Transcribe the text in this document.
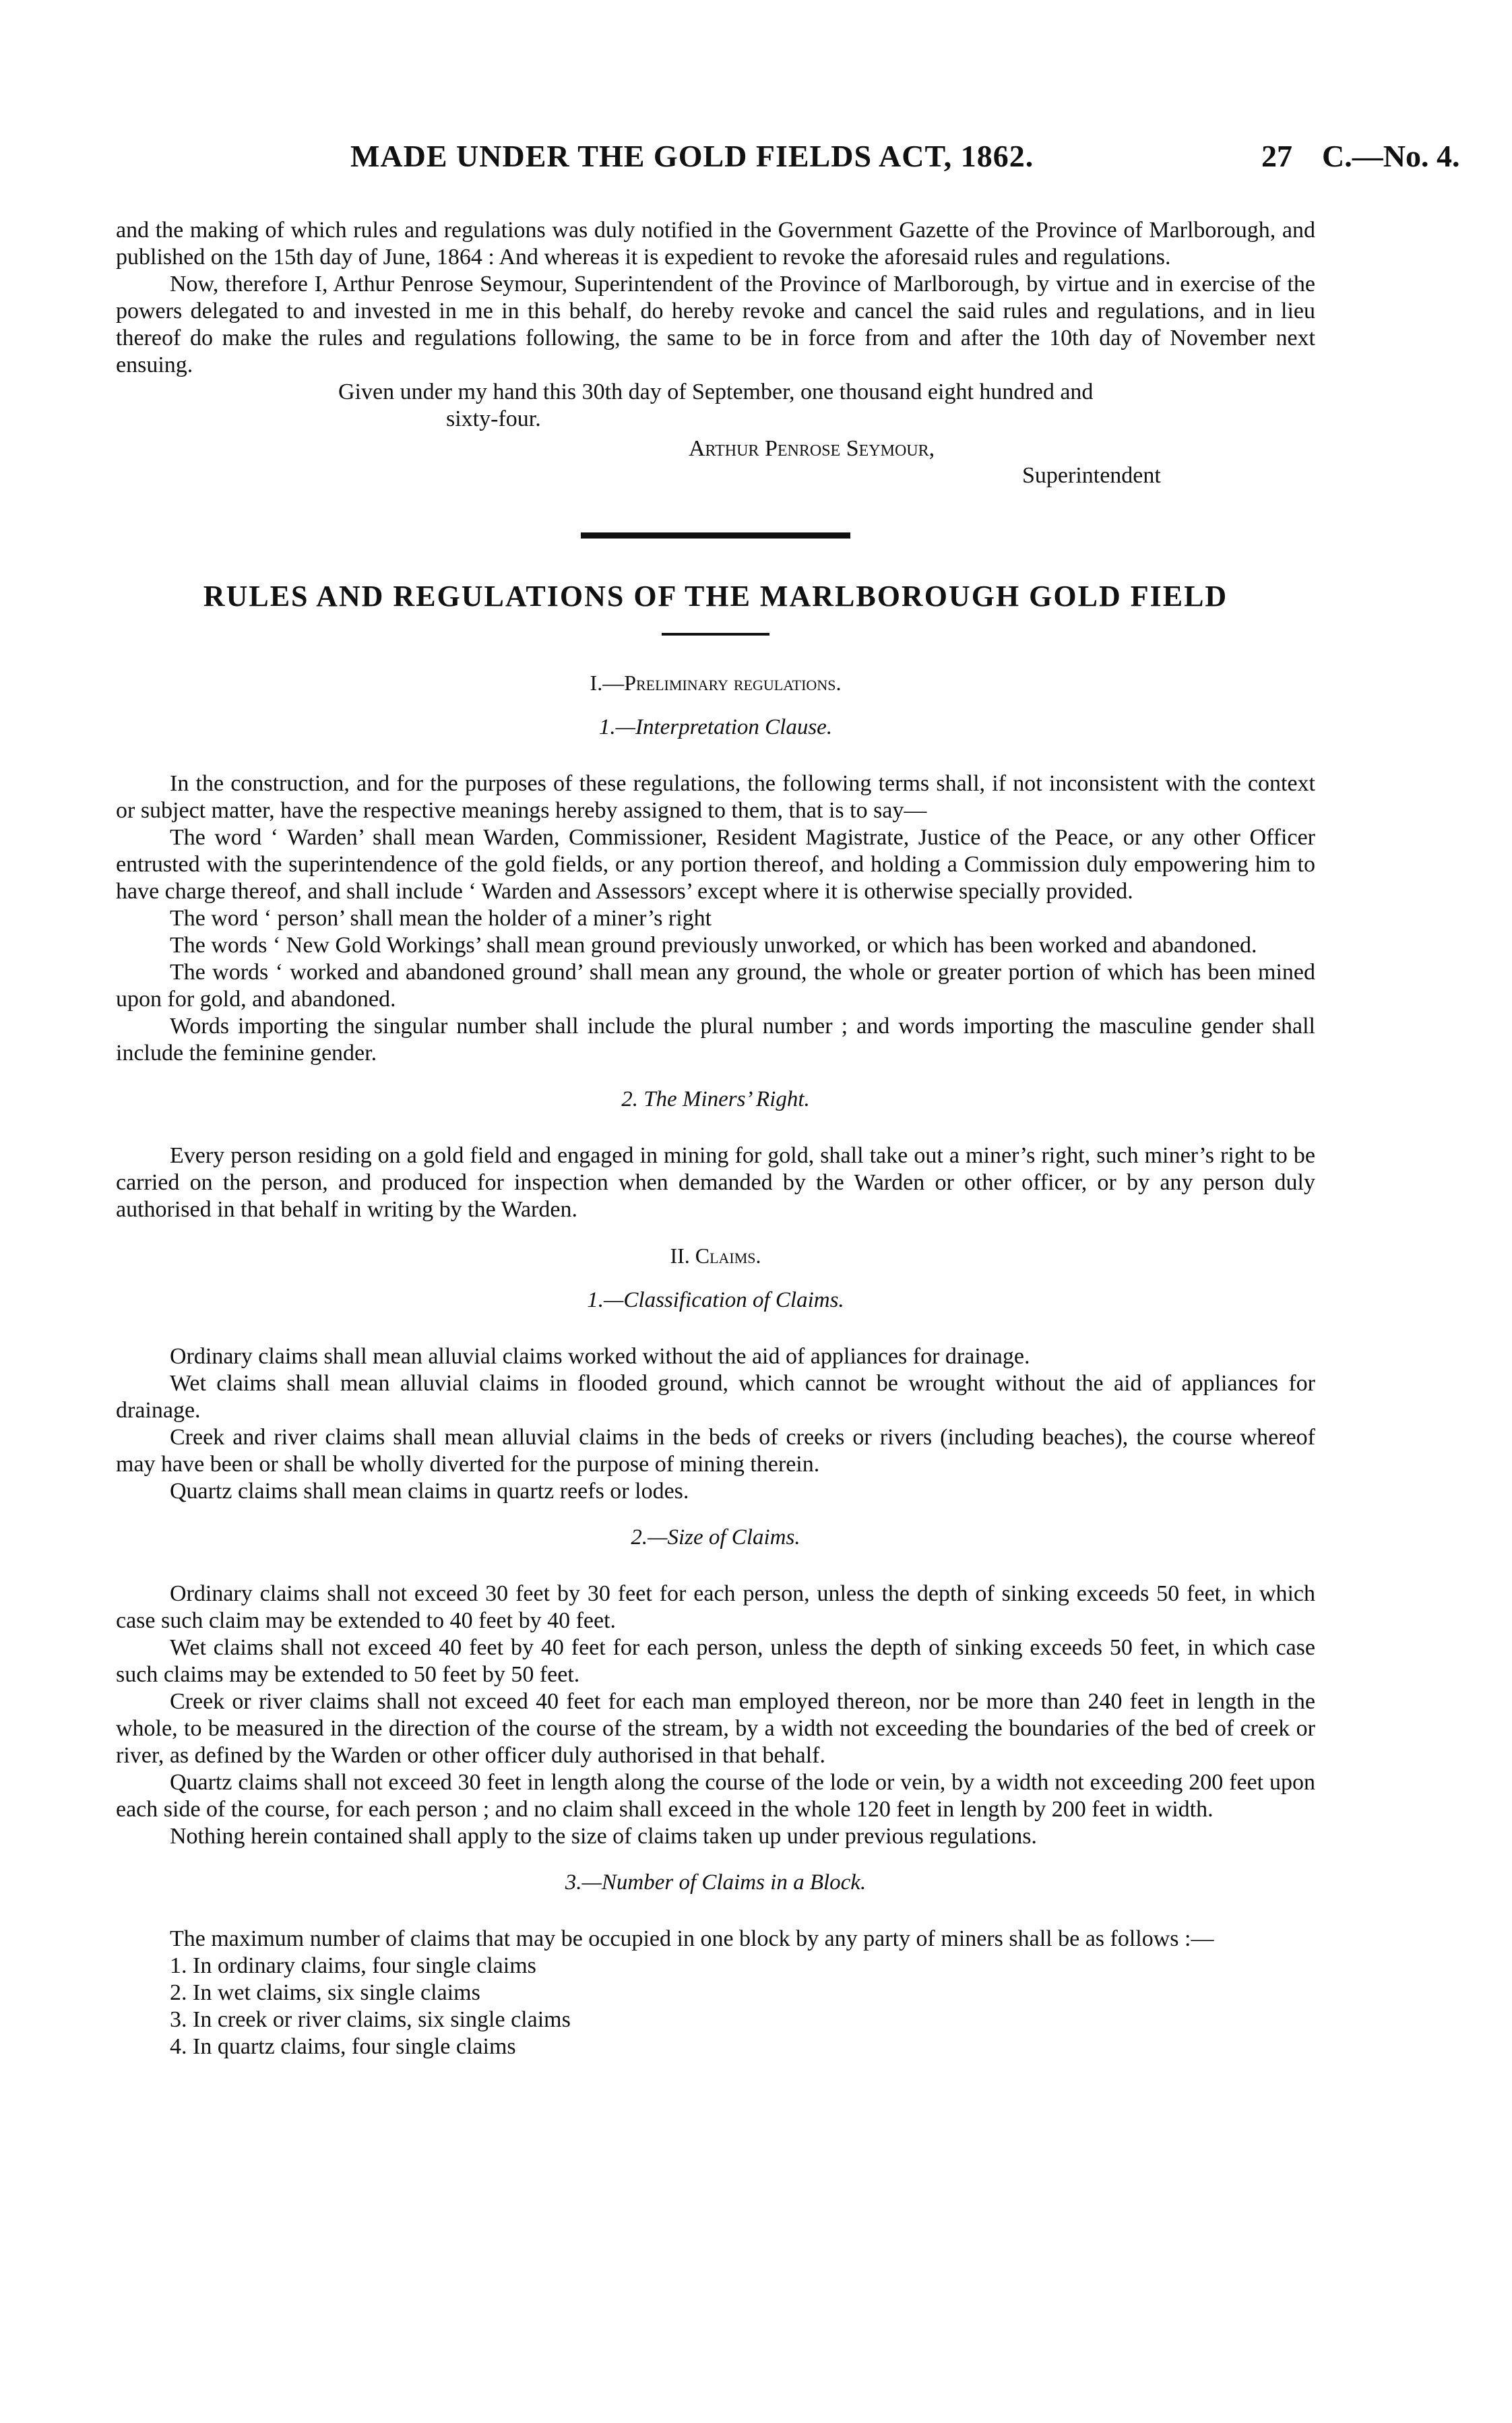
MADE UNDER THE GOLD FIELDS ACT, 1862.	27 C.—No. 4.

and the making of which rules and regulations was duly notified in the Government Gazette of the Province of Marlborough, and published on the 15th day of June, 1864 : And whereas it is expedient to revoke the aforesaid rules and regulations.

Now, therefore I, Arthur Penrose Seymour, Superintendent of the Province of Marlborough, by virtue and in exercise of the powers delegated to and invested in me in this behalf, do hereby revoke and cancel the said rules and regulations, and in lieu thereof do make the rules and regulations following, the same to be in force from and after the 10th day of November next ensuing.

Given under my hand this 30th day of September, one thousand eight hundred and

sixty-four.

Arthur Penrose Seymour,

Superintendent

RULES AND REGULATIONS OF THE MARLBOROUGH GOLD FIELD
I.—Preliminary regulations.
1.—Interpretation Clause.

In the construction, and for the purposes of these regulations, the following terms shall, if not inconsistent with the context or subject matter, have the respective meanings hereby assigned to them, that is to say—

The word ‘ Warden’ shall mean Warden, Commissioner, Resident Magistrate, Justice of the Peace, or any other Officer entrusted with the superintendence of the gold fields, or any portion thereof, and holding a Commission duly empowering him to have charge thereof, and shall include ‘ Warden and Assessors’ except where it is otherwise specially provided.

The word ‘ person’ shall mean the holder of a miner’s right

The words ‘ New Gold Workings’ shall mean ground previously unworked, or which has been worked and abandoned.

The words ‘ worked and abandoned ground’ shall mean any ground, the whole or greater portion of which has been mined upon for gold, and abandoned.

Words importing the singular number shall include the plural number ; and words importing the masculine gender shall include the feminine gender.

2. The Miners’ Right.

Every person residing on a gold field and engaged in mining for gold, shall take out a miner’s right, such miner’s right to be carried on the person, and produced for inspection when demanded by the Warden or other officer, or by any person duly authorised in that behalf in writing by the Warden.

II. Claims.
1.—Classification of Claims.

Ordinary claims shall mean alluvial claims worked without the aid of appliances for drainage.

Wet claims shall mean alluvial claims in flooded ground, which cannot be wrought without the aid of appliances for drainage.

Creek and river claims shall mean alluvial claims in the beds of creeks or rivers (including beaches), the course whereof may have been or shall be wholly diverted for the purpose of mining therein.

Quartz claims shall mean claims in quartz reefs or lodes.

2.—Size of Claims.

Ordinary claims shall not exceed 30 feet by 30 feet for each person, unless the depth of sinking exceeds 50 feet, in which case such claim may be extended to 40 feet by 40 feet.

Wet claims shall not exceed 40 feet by 40 feet for each person, unless the depth of sinking exceeds 50 feet, in which case such claims may be extended to 50 feet by 50 feet.

Creek or river claims shall not exceed 40 feet for each man employed thereon, nor be more than 240 feet in length in the whole, to be measured in the direction of the course of the stream, by a width not exceeding the boundaries of the bed of creek or river, as defined by the Warden or other officer duly authorised in that behalf.

Quartz claims shall not exceed 30 feet in length along the course of the lode or vein, by a width not exceeding 200 feet upon each side of the course, for each person ; and no claim shall exceed in the whole 120 feet in length by 200 feet in width.

Nothing herein contained shall apply to the size of claims taken up under previous regulations.

3.—Number of Claims in a Block.

The maximum number of claims that may be occupied in one block by any party of miners shall be as follows :—

1. In ordinary claims, four single claims

2. In wet claims, six single claims

3. In creek or river claims, six single claims

4. In quartz claims, four single claims
